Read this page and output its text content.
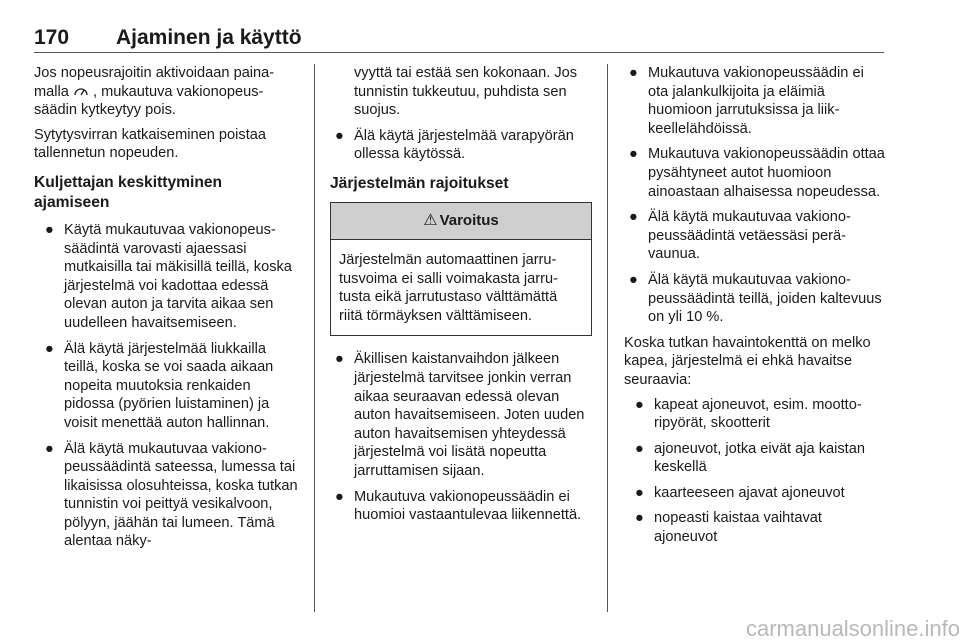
170 Ajaminen ja käyttö

Jos nopeusrajoitin aktivoidaan painamalla , mukautuva vakionopeussäädin kytkeytyy pois.

Sytytysvirran katkaiseminen poistaa tallennetun nopeuden.

Kuljettajan keskittyminen ajamiseen
● Käytä mukautuvaa vakionopeussäädintä varovasti ajaessasi mutkaisilla tai mäkisillä teillä, koska järjestelmä voi kadottaa edessä olevan auton ja tarvita aikaa sen uudelleen havaitsemiseen.
● Älä käytä järjestelmää liukkailla teillä, koska se voi saada aikaan nopeita muutoksia renkaiden pidossa (pyörien luistaminen) ja voisit menettää auton hallinnan.
● Älä käytä mukautuvaa vakionopeussäädintä sateessa, lumessa tai likaisissa olosuhteissa, koska tutkan tunnistin voi peittyä vesikalvoon, pölyyn, jäähän tai lumeen. Tämä alentaa näky-

vyyttä tai estää sen kokonaan. Jos tunnistin tukkeutuu, puhdista sen suojus.

● Älä käytä järjestelmää varapyörän ollessa käytössä.
Järjestelmän rajoitukset
⚠ Varoitus
Järjestelmän automaattinen jarrutusvoima ei salli voimakasta jarrutusta eikä jarrutustaso välttämättä riitä törmäyksen välttämiseen.
● Äkillisen kaistanvaihdon jälkeen järjestelmä tarvitsee jonkin verran aikaa seuraavan edessä olevan auton havaitsemiseen. Joten uuden auton havaitsemisen yhteydessä järjestelmä voi lisätä nopeutta jarruttamisen sijaan.
● Mukautuva vakionopeussäädin ei huomioi vastaantulevaa liikennettä.
● Mukautuva vakionopeussäädin ei ota jalankulkijoita ja eläimiä huomioon jarrutuksissa ja liikkeellelähdöissä.
● Mukautuva vakionopeussäädin ottaa pysähtyneet autot huomioon ainoastaan alhaisessa nopeudessa.
● Älä käytä mukautuvaa vakionopeussäädintä vetäessäsi perävaunua.
● Älä käytä mukautuvaa vakionopeussäädintä teillä, joiden kaltevuus on yli 10 %.

Koska tutkan havaintokenttä on melko kapea, järjestelmä ei ehkä havaitse seuraavia:

● kapeat ajoneuvot, esim. moottoripyörät, skootterit
● ajoneuvot, jotka eivät aja kaistan keskellä
● kaarteeseen ajavat ajoneuvot
● nopeasti kaistaa vaihtavat ajoneuvot
carmanualsonline.info
